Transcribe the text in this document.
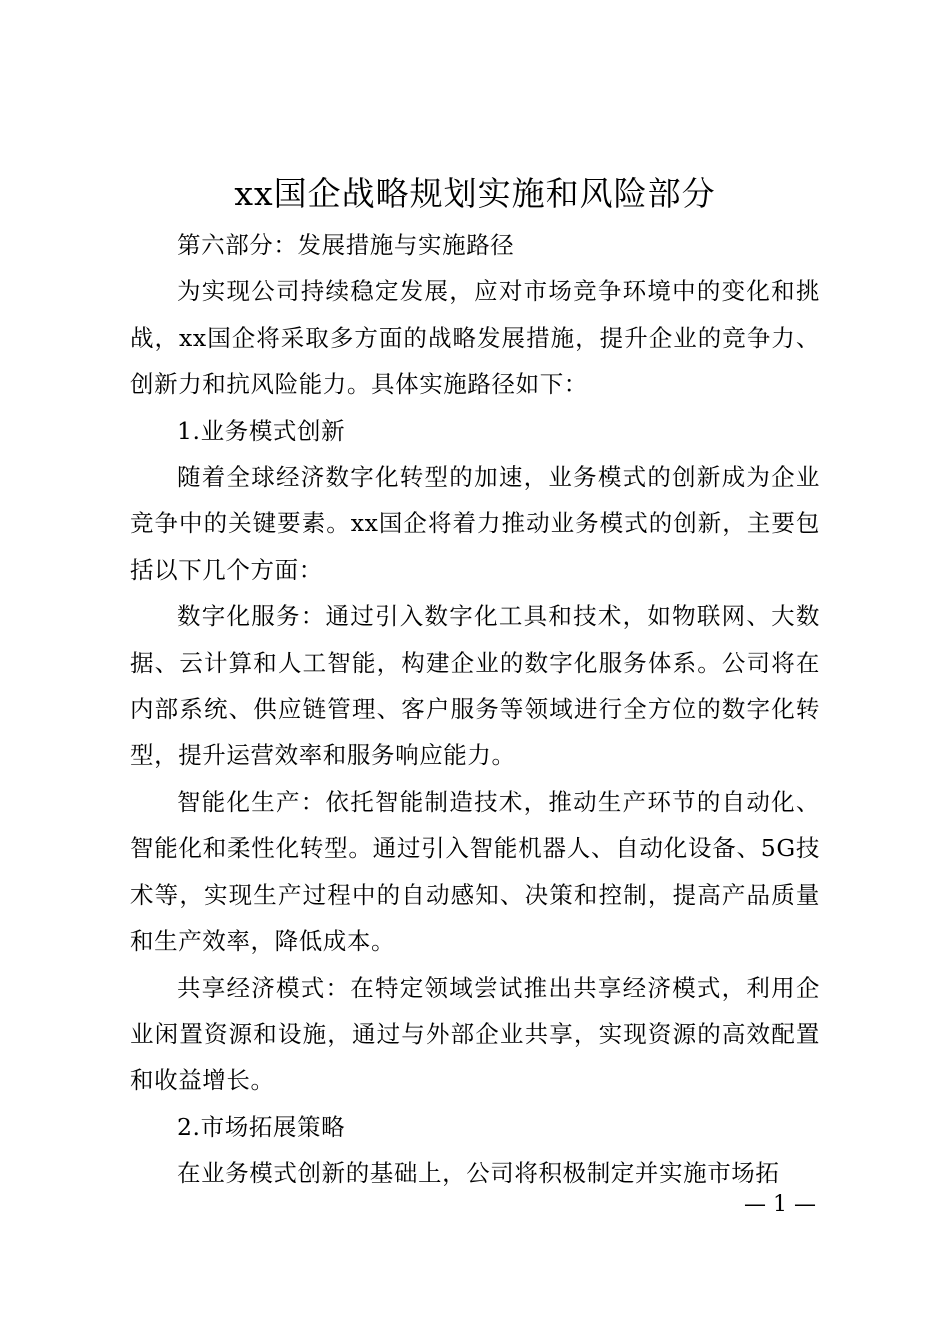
xx国企战略规划实施和风险部分

第六部分：发展措施与实施路径

为实现公司持续稳定发展，应对市场竞争环境中的变化和挑战，xx国企将采取多方面的战略发展措施，提升企业的竞争力、创新力和抗风险能力。具体实施路径如下：

1.业务模式创新

随着全球经济数字化转型的加速，业务模式的创新成为企业竞争中的关键要素。xx国企将着力推动业务模式的创新，主要包括以下几个方面：

数字化服务：通过引入数字化工具和技术，如物联网、大数据、云计算和人工智能，构建企业的数字化服务体系。公司将在内部系统、供应链管理、客户服务等领域进行全方位的数字化转型，提升运营效率和服务响应能力。

智能化生产：依托智能制造技术，推动生产环节的自动化、智能化和柔性化转型。通过引入智能机器人、自动化设备、5G技术等，实现生产过程中的自动感知、决策和控制，提高产品质量和生产效率，降低成本。

共享经济模式：在特定领域尝试推出共享经济模式，利用企业闲置资源和设施，通过与外部企业共享，实现资源的高效配置和收益增长。

2.市场拓展策略

在业务模式创新的基础上，公司将积极制定并实施市场拓

— 1 —
